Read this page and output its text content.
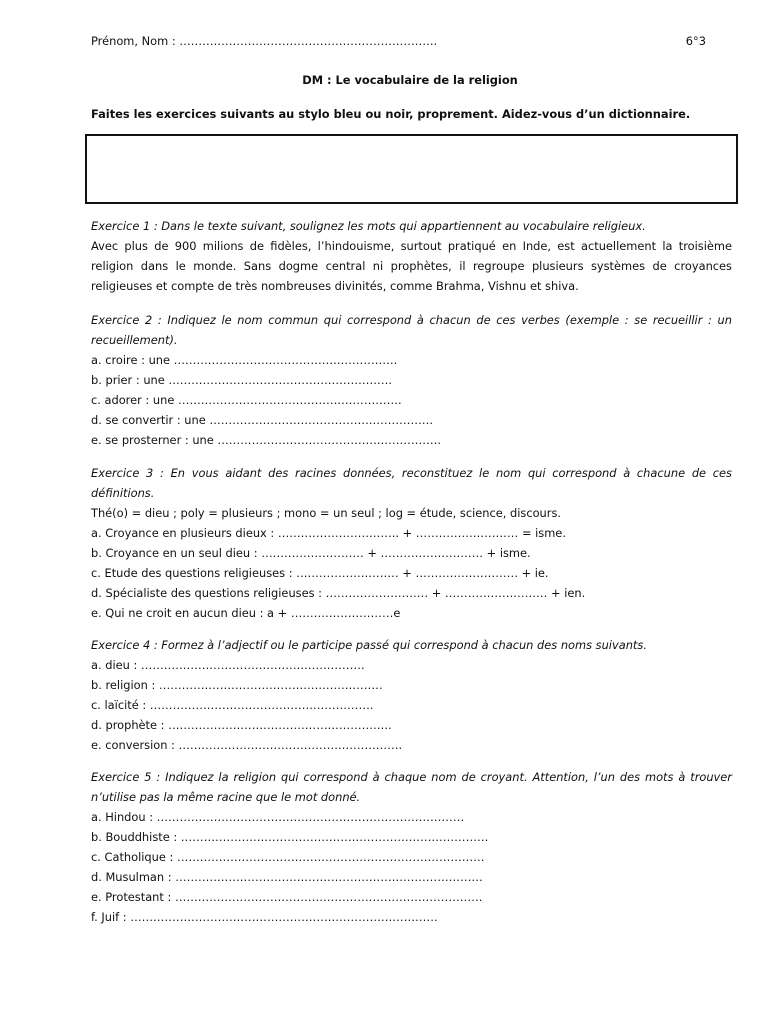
Prénom, Nom : …………………………………………………………..	6°3
DM : Le vocabulaire de la religion
Faites les exercices suivants au stylo bleu ou noir, proprement. Aidez-vous d’un dictionnaire.

Exercice 1 : Dans le texte suivant, soulignez les mots qui appartiennent au vocabulaire religieux.

Avec plus de 900 milions de fidèles, l’hindouisme, surtout pratiqué en Inde, est actuellement la troisième religion dans le monde. Sans dogme central ni prophètes, il regroupe plusieurs systèmes de croyances religieuses et compte de très nombreuses divinités, comme Brahma, Vishnu et shiva.

Exercice 2 : Indiquez le nom commun qui correspond à chacun de ces verbes (exemple : se recueillir : un recueillement).

a. croire : une …………………………………….…………….

b. prier : une …………………………………….…………….

c. adorer : une …………………………………….…………….

d. se convertir : une …………………………………….…………….

e. se prosterner : une …………………………………….…………….

Exercice 3 : En vous aidant des racines données, reconstituez le nom qui correspond à chacune de ces définitions.

Thé(o) = dieu ; poly = plusieurs ; mono = un seul ; log = étude, science, discours.

a. Croyance en plusieurs dieux : ………………………….. + ……………………… = isme.

b. Croyance en un seul dieu : ……………………… + ……………………… + isme.

c. Etude des questions religieuses : ……………………… + ……………………… + ie.

d. Spécialiste des questions religieuses : ……………………… + ……………………… + ien.

e. Qui ne croit en aucun dieu : a + ………………………e

Exercice 4 : Formez à l’adjectif ou le participe passé qui correspond à chacun des noms suivants.

a. dieu : …………………………………….…………….

b. religion : …………………………………….…………….

c. laïcité : …………………………………….…………….

d. prophète : …………………………………….…………….

e. conversion : …………………………………….…………….

Exercice 5 : Indiquez la religion qui correspond à chaque nom de croyant. Attention, l’un des mots à trouver n’utilise pas la même racine que le mot donné.

a. Hindou : ………………………………………………………………………

b. Bouddhiste : ………………………………………………………………………

c. Catholique : ………………………………………………………………………

d. Musulman : ………………………………………………………………………

e. Protestant : ………………………………………………………………………

f. Juif : ………………………………………………………………………
